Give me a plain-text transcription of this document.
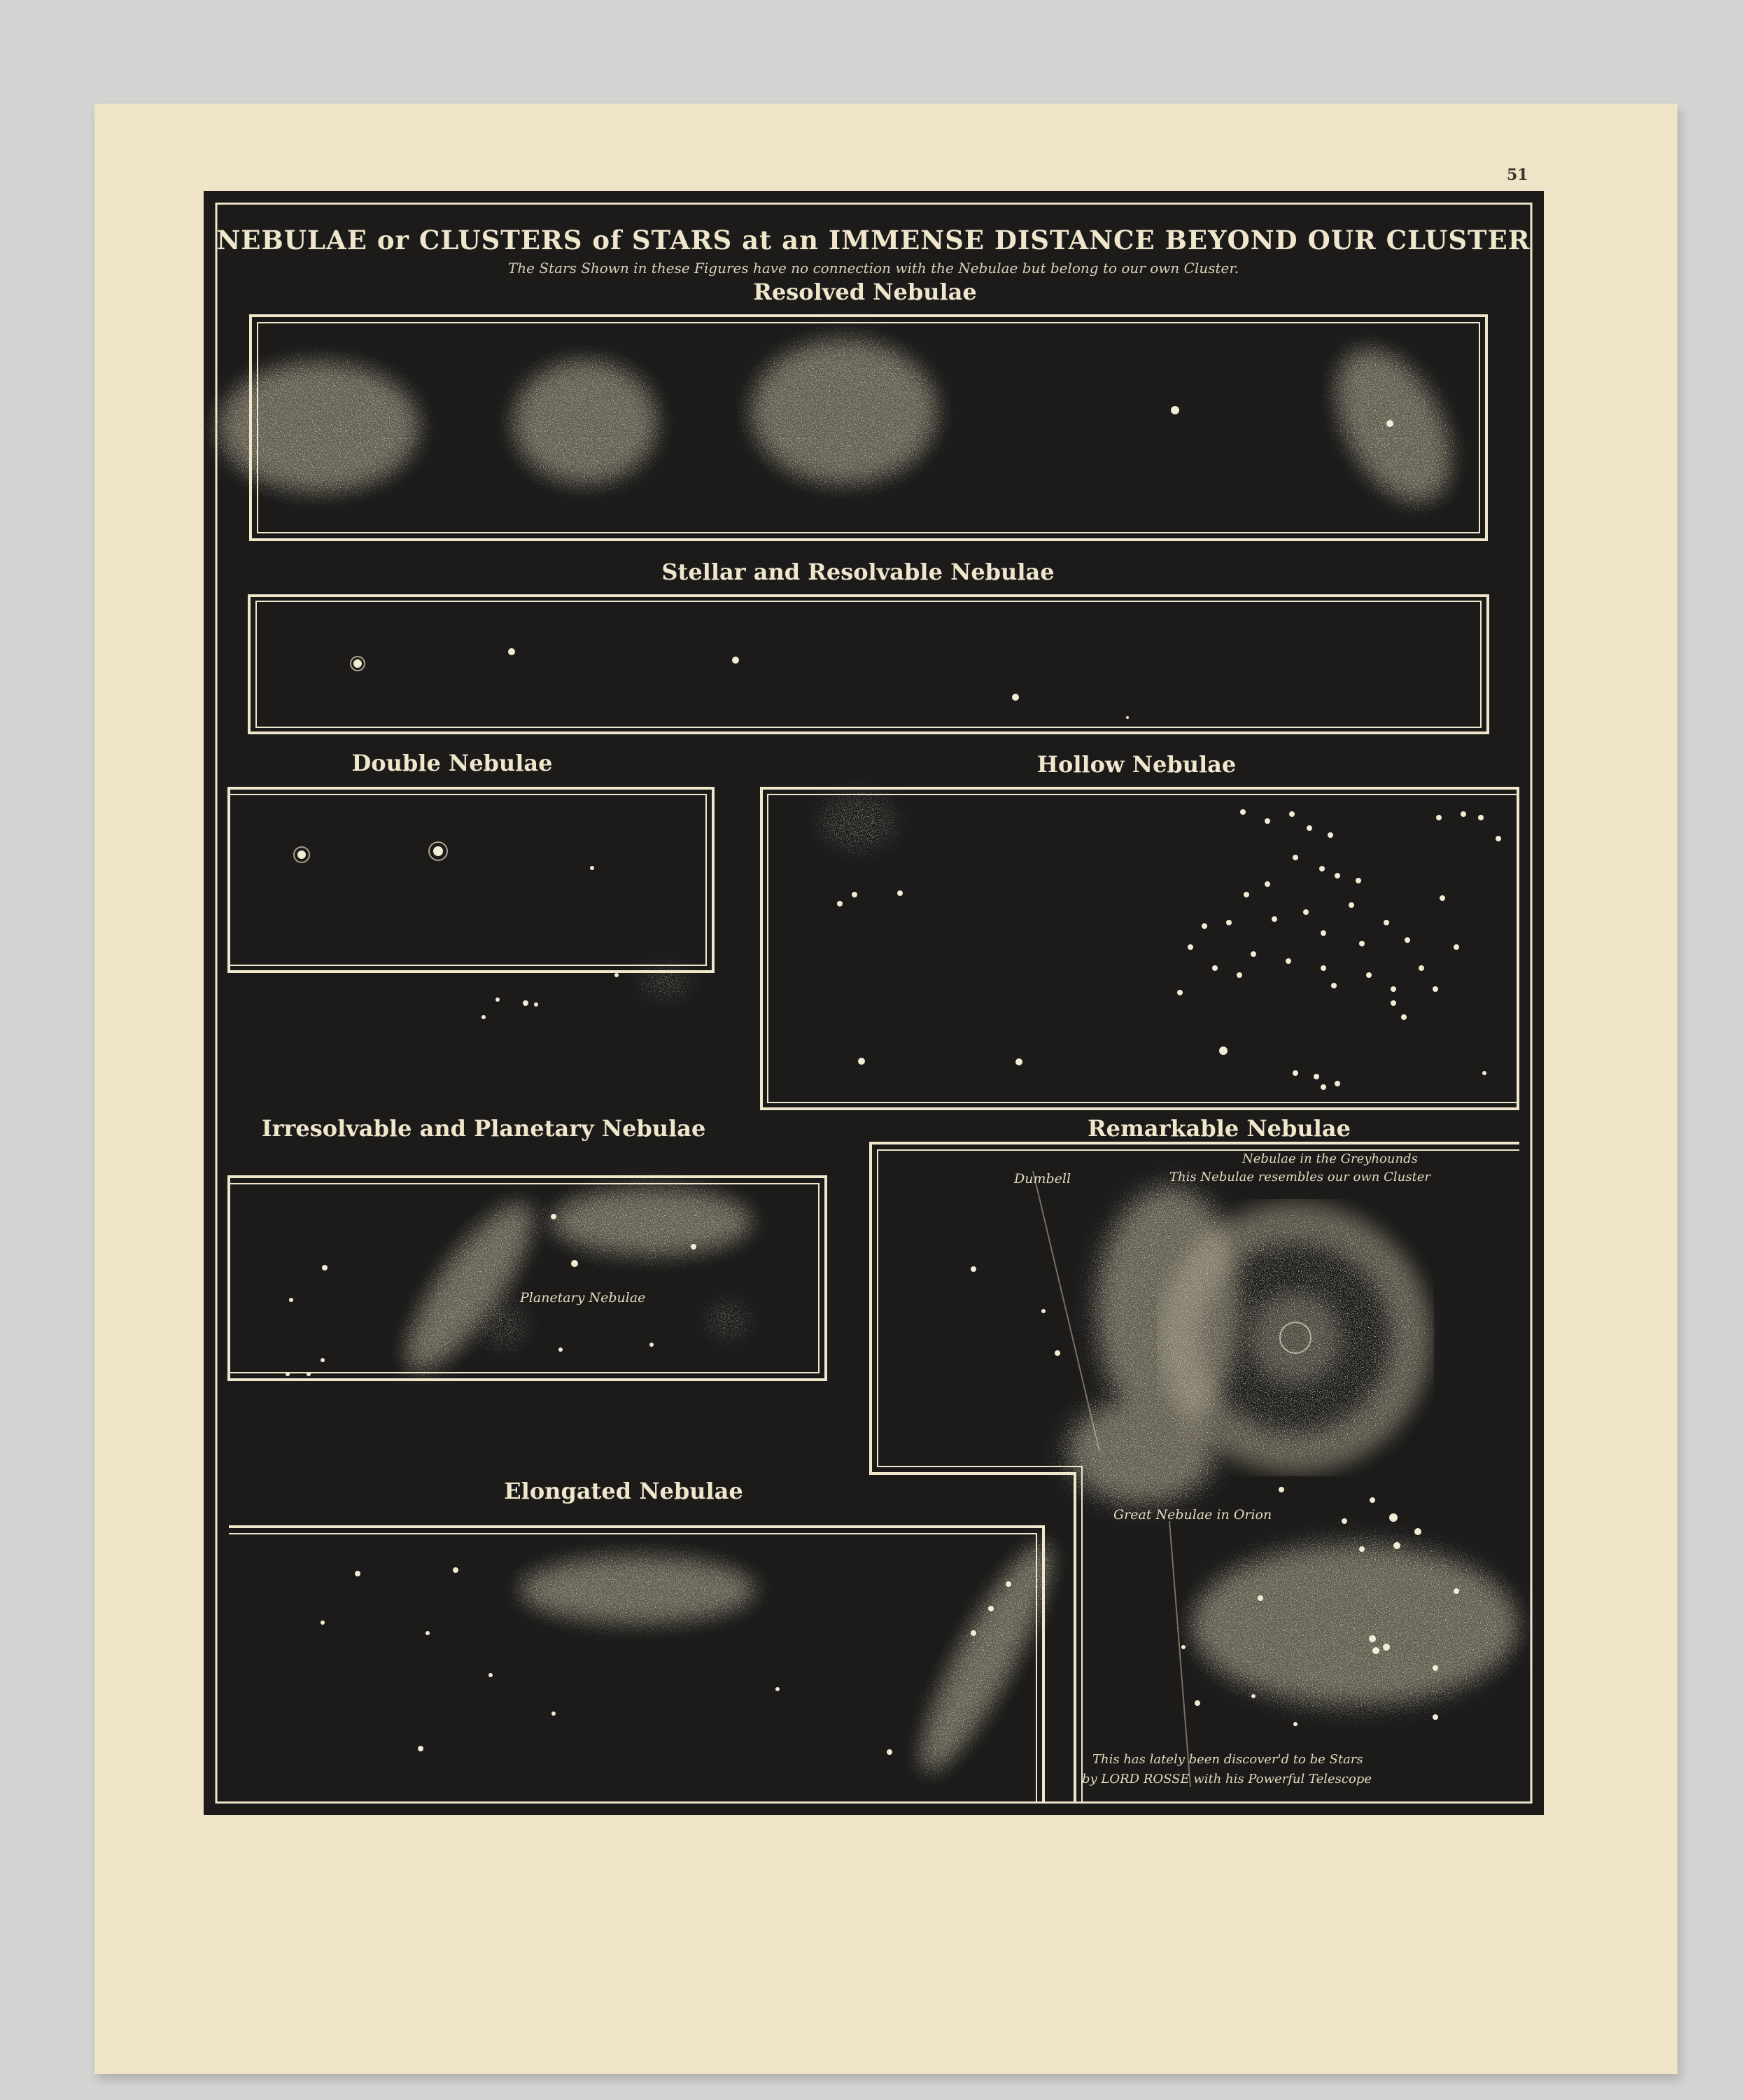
51
NEBULAE or CLUSTERS of STARS at an IMMENSE DISTANCE BEYOND OUR CLUSTER
The Stars Shown in these Figures have no connection with the Nebulae but belong to our own Cluster.
Resolved Nebulae
Stellar and Resolvable Nebulae
Double Nebulae	Hollow Nebulae
Irresolvable and Planetary Nebulae	Remarkable Nebulae
Elongated Nebulae
Planetary Nebulae
Dumbell
Nebulae in the Greyhounds
This Nebulae resembles our own Cluster
Great Nebulae in Orion
This has lately been discover'd to be Stars
by LORD ROSSE with his Powerful Telescope
